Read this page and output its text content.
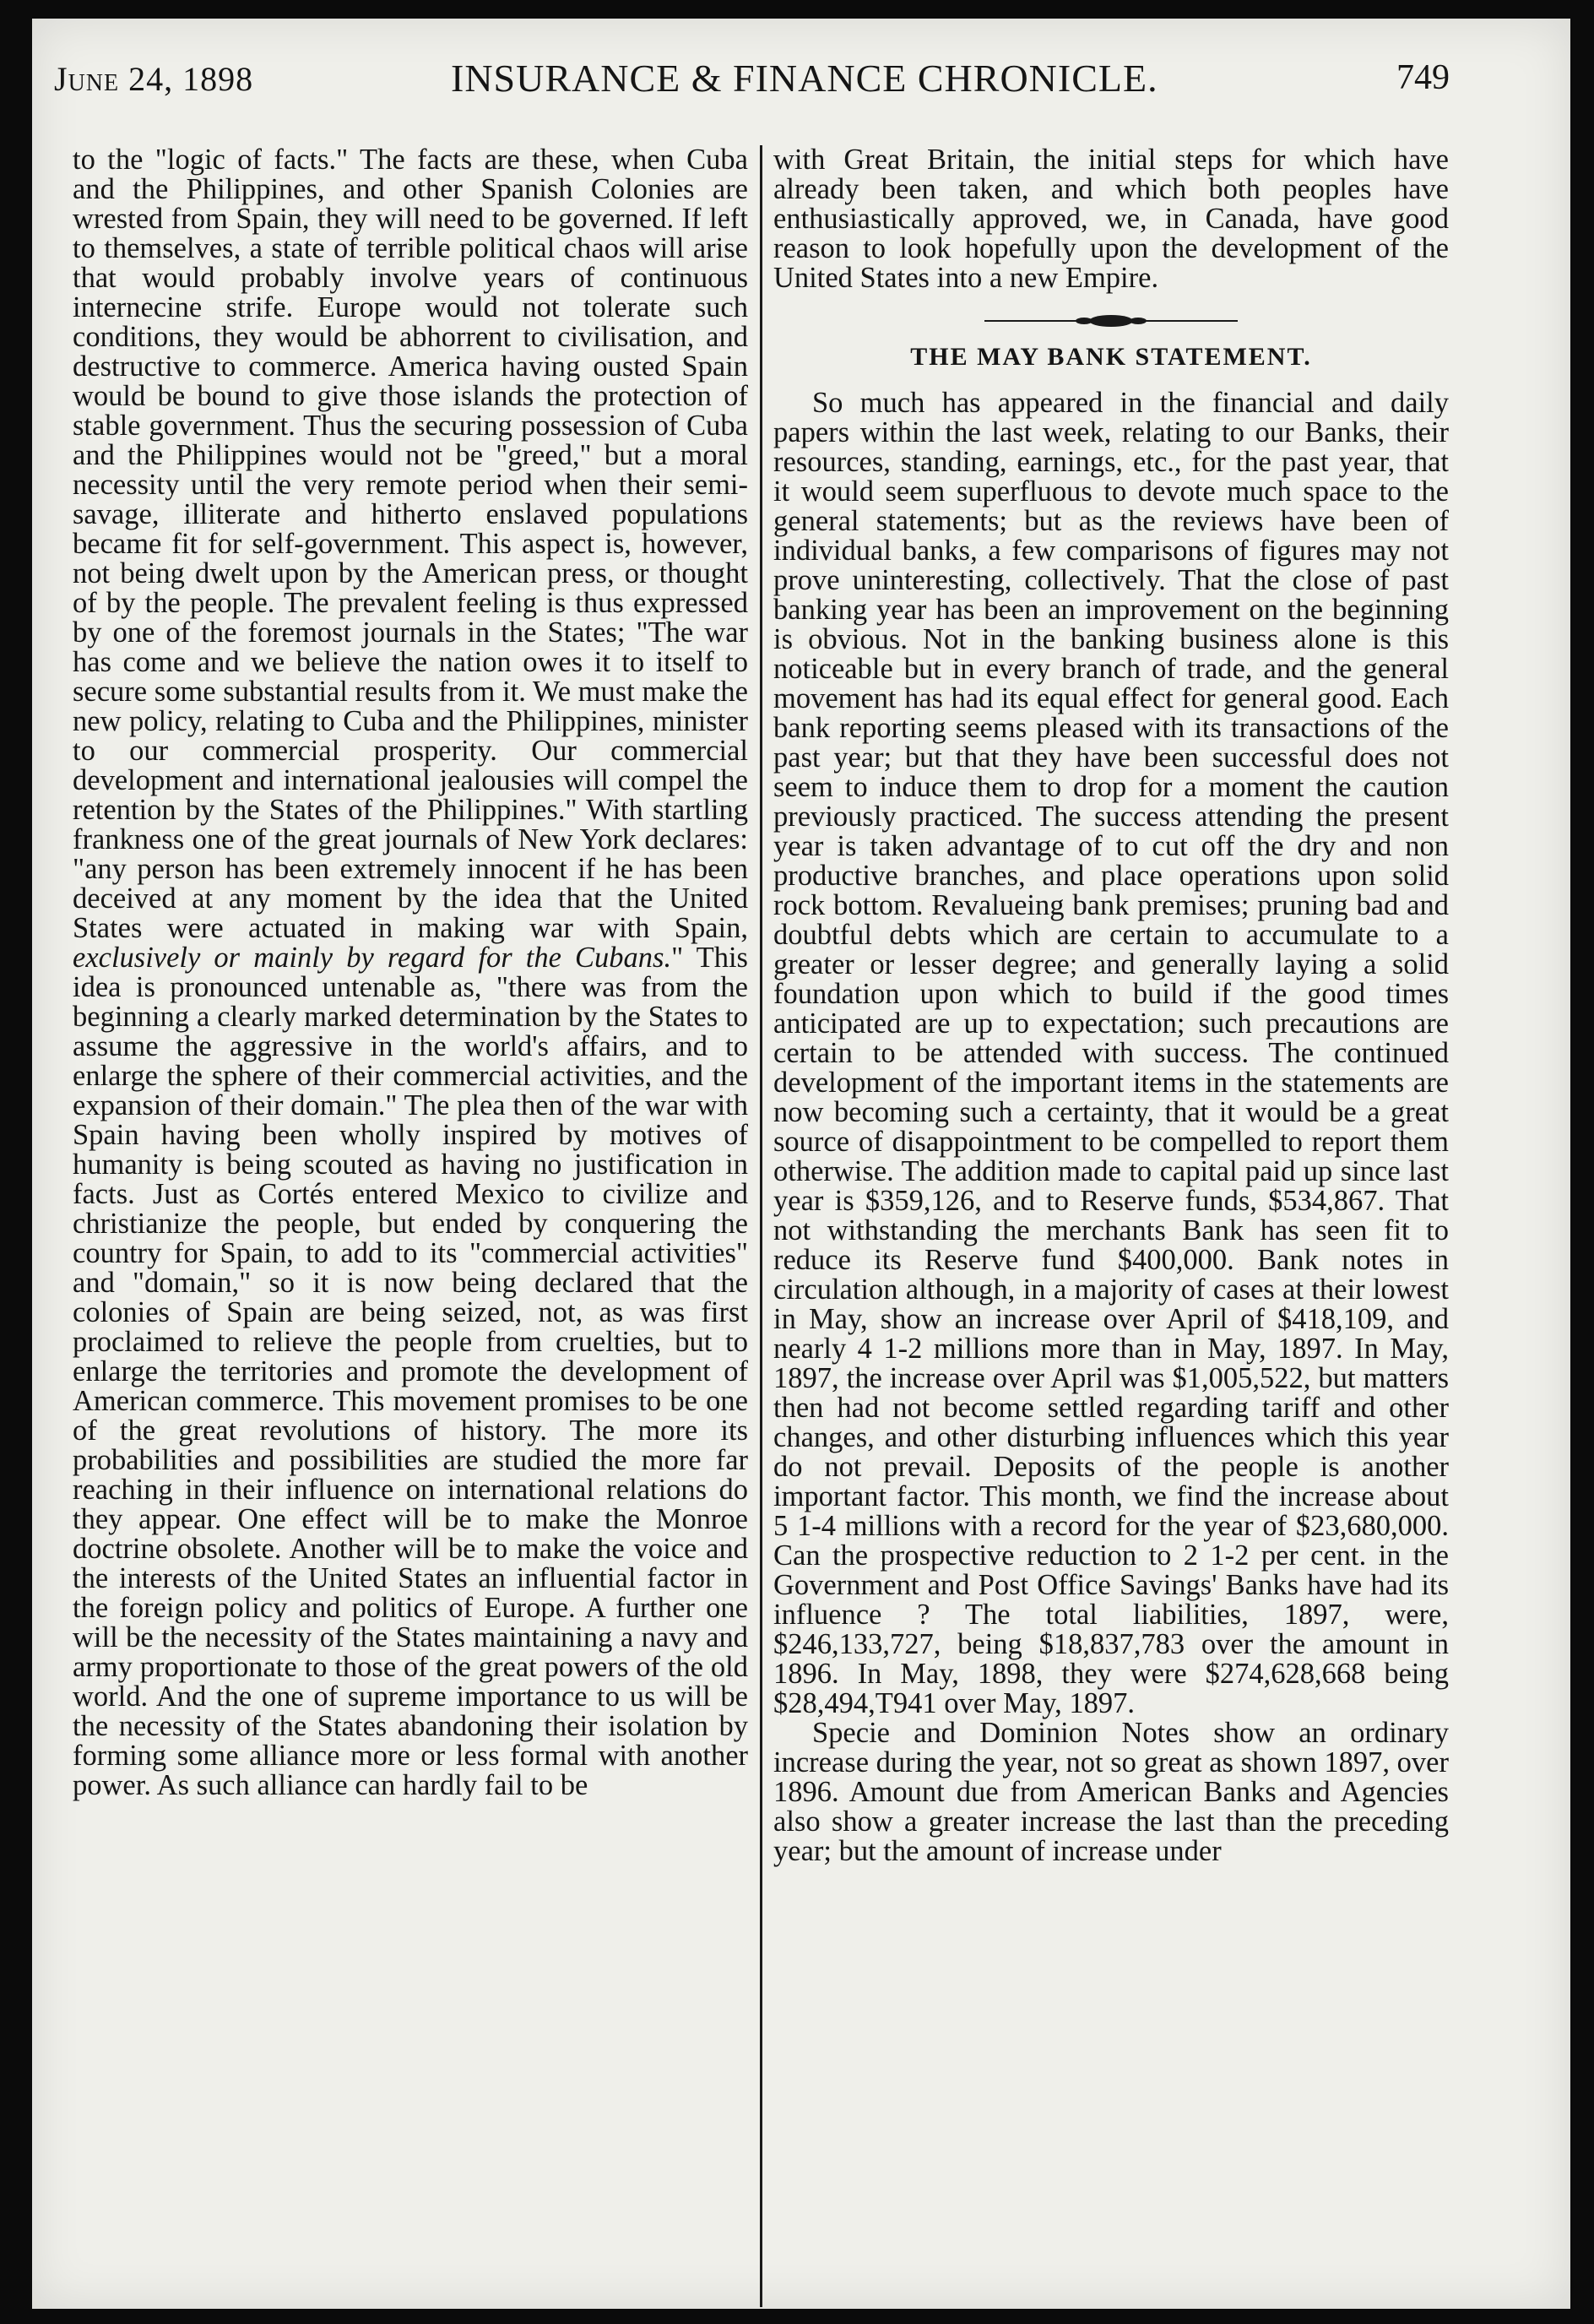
June 24, 1898	INSURANCE & FINANCE CHRONICLE.	749

to the "logic of facts." The facts are these, when Cuba and the Philippines, and other Spanish Colonies are wrested from Spain, they will need to be governed. If left to themselves, a state of terrible political chaos will arise that would probably involve years of continuous internecine strife. Europe would not tolerate such conditions, they would be abhorrent to civilisation, and destructive to commerce. America having ousted Spain would be bound to give those islands the protection of stable government. Thus the securing possession of Cuba and the Philippines would not be "greed," but a moral necessity until the very remote period when their semi-savage, illiterate and hitherto enslaved populations became fit for self-government. This aspect is, however, not being dwelt upon by the American press, or thought of by the people. The prevalent feeling is thus expressed by one of the foremost journals in the States; "The war has come and we believe the nation owes it to itself to secure some substantial results from it. We must make the new policy, relating to Cuba and the Philippines, minister to our commercial prosperity. Our commercial development and international jealousies will compel the retention by the States of the Philippines." With startling frankness one of the great journals of New York declares: "any person has been extremely innocent if he has been deceived at any moment by the idea that the United States were actuated in making war with Spain, exclusively or mainly by regard for the Cubans." This idea is pronounced untenable as, "there was from the beginning a clearly marked determination by the States to assume the aggressive in the world's affairs, and to enlarge the sphere of their commercial activities, and the expansion of their domain." The plea then of the war with Spain having been wholly inspired by motives of humanity is being scouted as having no justification in facts. Just as Cortés entered Mexico to civilize and christianize the people, but ended by conquering the country for Spain, to add to its "commercial activities" and "domain," so it is now being declared that the colonies of Spain are being seized, not, as was first proclaimed to relieve the people from cruelties, but to enlarge the territories and promote the development of American commerce. This movement promises to be one of the great revolutions of history. The more its probabilities and possibilities are studied the more far reaching in their influence on international relations do they appear. One effect will be to make the Monroe doctrine obsolete. Another will be to make the voice and the interests of the United States an influential factor in the foreign policy and politics of Europe. A further one will be the necessity of the States maintaining a navy and army proportionate to those of the great powers of the old world. And the one of supreme importance to us will be the necessity of the States abandoning their isolation by forming some alliance more or less formal with another power. As such alliance can hardly fail to be

with Great Britain, the initial steps for which have already been taken, and which both peoples have enthusiastically approved, we, in Canada, have good reason to look hopefully upon the development of the United States into a new Empire.

THE MAY BANK STATEMENT.

So much has appeared in the financial and daily papers within the last week, relating to our Banks, their resources, standing, earnings, etc., for the past year, that it would seem superfluous to devote much space to the general statements; but as the reviews have been of individual banks, a few comparisons of figures may not prove uninteresting, collectively. That the close of past banking year has been an improvement on the beginning is obvious. Not in the banking business alone is this noticeable but in every branch of trade, and the general movement has had its equal effect for general good. Each bank reporting seems pleased with its transactions of the past year; but that they have been successful does not seem to induce them to drop for a moment the caution previously practiced. The success attending the present year is taken advantage of to cut off the dry and non productive branches, and place operations upon solid rock bottom. Revalueing bank premises; pruning bad and doubtful debts which are certain to accumulate to a greater or lesser degree; and generally laying a solid foundation upon which to build if the good times anticipated are up to expectation; such precautions are certain to be attended with success. The continued development of the important items in the statements are now becoming such a certainty, that it would be a great source of disappointment to be compelled to report them otherwise. The addition made to capital paid up since last year is $359,126, and to Reserve funds, $534,867. That not withstanding the merchants Bank has seen fit to reduce its Reserve fund $400,000. Bank notes in circulation although, in a majority of cases at their lowest in May, show an increase over April of $418,109, and nearly 4 1-2 millions more than in May, 1897. In May, 1897, the increase over April was $1,005,522, but matters then had not become settled regarding tariff and other changes, and other disturbing influences which this year do not prevail. Deposits of the people is another important factor. This month, we find the increase about 5 1-4 millions with a record for the year of $23,680,000. Can the prospective reduction to 2 1-2 per cent. in the Government and Post Office Savings' Banks have had its influence ? The total liabilities, 1897, were, $246,133,727, being $18,837,783 over the amount in 1896. In May, 1898, they were $274,628,668 being $28,494,T941 over May, 1897.

Specie and Dominion Notes show an ordinary increase during the year, not so great as shown 1897, over 1896. Amount due from American Banks and Agencies also show a greater increase the last than the preceding year; but the amount of increase under
